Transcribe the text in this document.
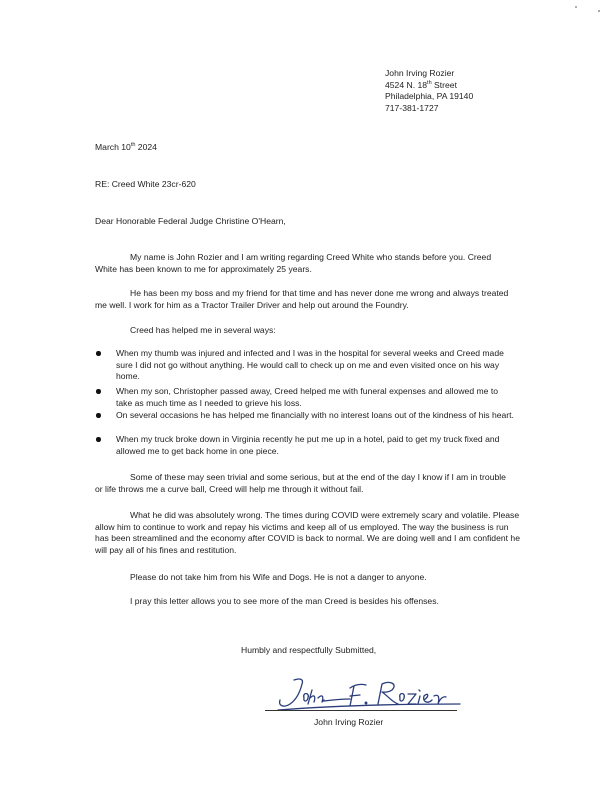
John Irving Rozier
4524 N. 18th Street
Philadelphia, PA 19140
717-381-1727
March 10th 2024
RE: Creed White 23cr-620
Dear Honorable Federal Judge Christine O'Hearn,
My name is John Rozier and I am writing regarding Creed White who stands before you. Creed White has been known to me for approximately 25 years.
He has been my boss and my friend for that time and has never done me wrong and always treated me well. I work for him as a Tractor Trailer Driver and help out around the Foundry.
Creed has helped me in several ways:
When my thumb was injured and infected and I was in the hospital for several weeks and Creed made sure I did not go without anything. He would call to check up on me and even visited once on his way home.
When my son, Christopher passed away, Creed helped me with funeral expenses and allowed me to take as much time as I needed to grieve his loss.
On several occasions he has helped me financially with no interest loans out of the kindness of his heart.
When my truck broke down in Virginia recently he put me up in a hotel, paid to get my truck fixed and allowed me to get back home in one piece.
Some of these may seen trivial and some serious, but at the end of the day I know if I am in trouble or life throws me a curve ball, Creed will help me through it without fail.
What he did was absolutely wrong. The times during COVID were extremely scary and volatile. Please allow him to continue to work and repay his victims and keep all of us employed. The way the business is run has been streamlined and the economy after COVID is back to normal. We are doing well and I am confident he will pay all of his fines and restitution.
Please do not take him from his Wife and Dogs. He is not a danger to anyone.
I pray this letter allows you to see more of the man Creed is besides his offenses.
Humbly and respectfully Submitted,
John Irving Rozier
